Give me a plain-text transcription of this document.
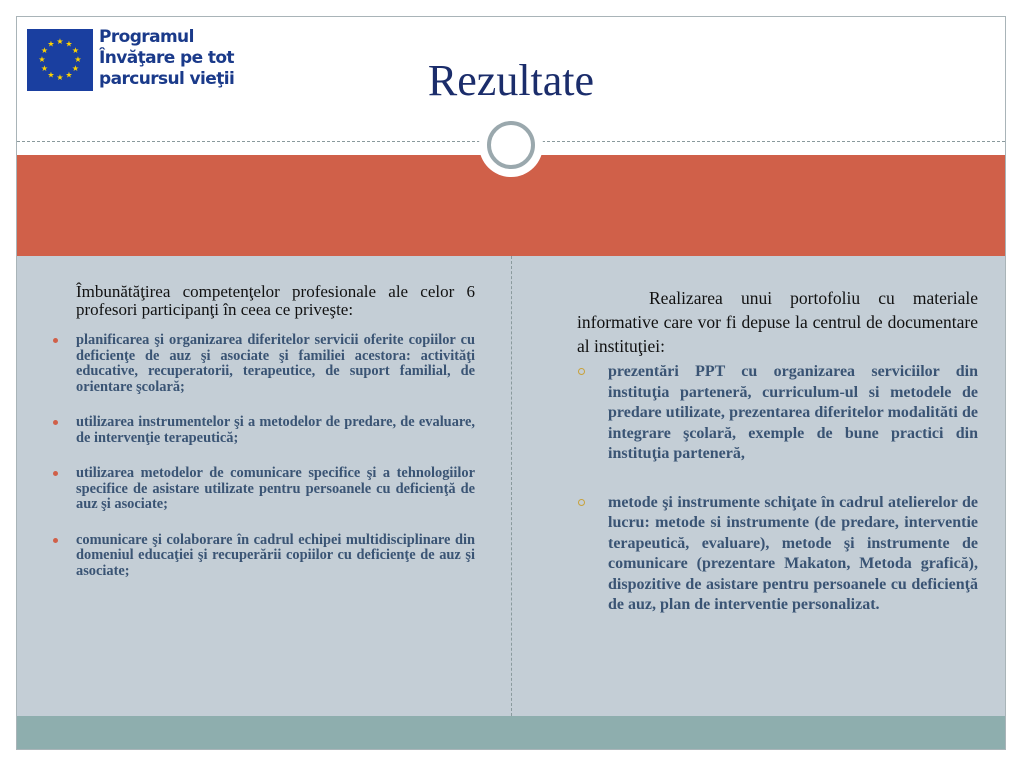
★ ★
★
★
★
★
★
★
★
★
★
★	Programul
Învăţare pe tot
parcursul vieţii	Rezultate

Îmbunătăţirea competenţelor profesionale ale celor 6 profesori participanţi în ceea ce priveşte:

planificarea şi organizarea diferitelor servicii oferite copiilor cu deficienţe de auz şi asociate şi familiei acestora: activităţi educative, recuperatorii, terapeutice, de suport familial, de orientare şcolară;
utilizarea instrumentelor şi a metodelor de predare, de evaluare, de intervenţie terapeutică;
utilizarea metodelor de comunicare specifice şi a tehnologiilor specifice de asistare utilizate pentru persoanele cu deficienţă de auz şi asociate;
comunicare şi colaborare în cadrul echipei multidisciplinare din domeniul educaţiei şi recuperării copiilor cu deficienţe de auz şi asociate;

Realizarea unui portofoliu cu materiale informative care vor fi depuse la centrul de documentare al instituţiei:

prezentări PPT cu organizarea serviciilor din instituţia parteneră, curriculum-ul si metodele de predare utilizate, prezentarea diferitelor modalităti de integrare şcolară, exemple de bune practici din instituţia parteneră,
metode şi instrumente schiţate în cadrul atelierelor de lucru: metode si instrumente (de predare, interventie terapeutică, evaluare), metode şi instrumente de comunicare (prezentare Makaton, Metoda grafică), dispozitive de asistare pentru persoanele cu deficienţă de auz, plan de interventie personalizat.
